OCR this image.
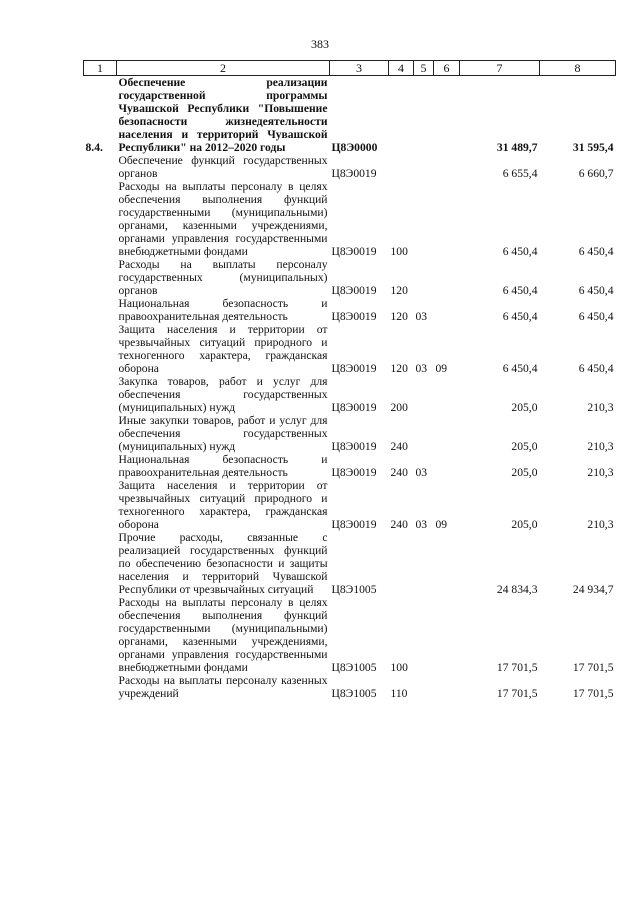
383
1	2	3	4	5	6	7	8
8.4.	Обеспечение реализации государственной программы Чувашской Республики "Повышение безопасности жизнедеятельности населения и территорий Чувашской Республики" на 2012–2020 годы	Ц8Э0000				31 489,7	31 595,4
	Обеспечение функций государственных органов	Ц8Э0019				6 655,4	6 660,7
	Расходы на выплаты персоналу в целях обеспечения выполнения функций государственными (муниципальными) органами, казенными учреждениями, органами управления государственными внебюджетными фондами	Ц8Э0019	100			6 450,4	6 450,4
	Расходы на выплаты персоналу государственных (муниципальных) органов	Ц8Э0019	120			6 450,4	6 450,4
	Национальная безопасность и правоохранительная деятельность	Ц8Э0019	120	03		6 450,4	6 450,4
	Защита населения и территории от чрезвычайных ситуаций природного и техногенного характера, гражданская оборона	Ц8Э0019	120	03	09	6 450,4	6 450,4
	Закупка товаров, работ и услуг для обеспечения государственных (муниципальных) нужд	Ц8Э0019	200			205,0	210,3
	Иные закупки товаров, работ и услуг для обеспечения государственных (муниципальных) нужд	Ц8Э0019	240			205,0	210,3
	Национальная безопасность и правоохранительная деятельность	Ц8Э0019	240	03		205,0	210,3
	Защита населения и территории от чрезвычайных ситуаций природного и техногенного характера, гражданская оборона	Ц8Э0019	240	03	09	205,0	210,3
	Прочие расходы, связанные с реализацией государственных функций по обеспечению безопасности и защиты населения и территорий Чувашской Республики от чрезвычайных ситуаций	Ц8Э1005				24 834,3	24 934,7
	Расходы на выплаты персоналу в целях обеспечения выполнения функций государственными (муниципальными) органами, казенными учреждениями, органами управления государственными внебюджетными фондами	Ц8Э1005	100			17 701,5	17 701,5
	Расходы на выплаты персоналу казенных учреждений	Ц8Э1005	110			17 701,5	17 701,5
